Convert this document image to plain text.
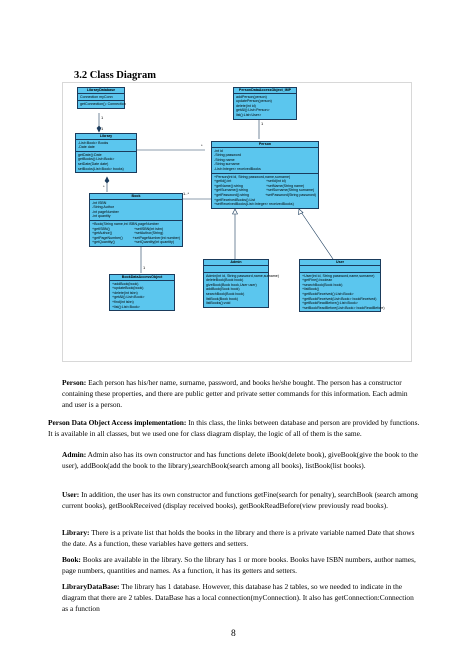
3.2 Class Diagram
1
1
*
1
*
1..*
1
LibraryDatabase
Connection myConn
getConnection(): Connection
PersonDataAccessObject_IMP
addPerson(person)
updatePerson(person)
delete(int id)
getAll():List<Person>
list():List<User>
Library
-List<Book> Books
-Date date
getDate():Date
getBooks():List<Book>
setDate(Date date)
setBooks(List<Book> books)
Person
-int id
-String password
-String name
-String surname
-List<Integer> receivedBooks
+Person(int id, String password,name,surname)
+getId():int	+setId(int id)
+getName():string	+setName(String name)
+getSurname():string	+setSurname(String surname)
+getPassword():string	+setPassword(String password)
+getReceivedBooks():List
+setReceivedBooks(List<Integer> receivedBooks)
Book
-int ISBN
-String Author
-int pageNumber
-int quantity
+Book(String name,int ISBN,pageNumber
+getISBN()	+setISBN(int isbn)
+getAuthor()	+setAuthor(String)
+getPageNumber()	+setPageNumber(int number)
+getQuantity()	+setQuantity(int quantity)
BookDataAccessObject
+addBook(book)
+updateBook(book)
+delete(int isbn)
+getAll():List<Book>
+find(int isbn)
+list():List<Book>
Admin
Admin(int id, String password,name,surname)
deleteBook(Book book)
giveBook(Book book,User user)
addBook(Book book)
searchBook(Book book)
listBook(Book book)
listBooks():void
User
+User(int id, String password,name,surname)
+getFine():boolean
+searchBook(Book book)
+listBook()
+getBookReceived():List<Book>
+getBookReceived(List<Book> bookReceived)
+getBookReadBefore():List<Book>
+setBookReadBefore(List<Book> bookReadBefore)
Person: Each person has his/her name, surname, password, and books he/she bought. The person has a constructor containing these properties, and there are public getter and private setter commands for this information. Each admin and user is a person.
Person Data Object Access implementation: In this class, the links between database and person are provided by functions. It is available in all classes, but we used one for class diagram display, the logic of all of them is the same.
Admin: Admin also has its own constructor and has functions delete iBook(delete book), giveBook(give the book to the user), addBook(add the book to the library),searchBook(search among all books), listBook(list books).
User: In addition, the user has its own constructor and functions getFine(search for penalty), searchBook (search among current books), getBookReceived (display received books), getBookReadBefore(view previously read books).
Library: There is a private list that holds the books in the library and there is a private variable named Date that shows the date. As a function, these variables have getters and setters.
Book: Books are available in the library. So the library has 1 or more books. Books have ISBN numbers, author names, page numbers, quantities and names. As a function, it has its getters and setters.
LibraryDataBase: The library has 1 database. However, this database has 2 tables, so we needed to indicate in the diagram that there are 2 tables. DataBase has a local connection(myConnection). It also has getConnection:Connection as a function
8
